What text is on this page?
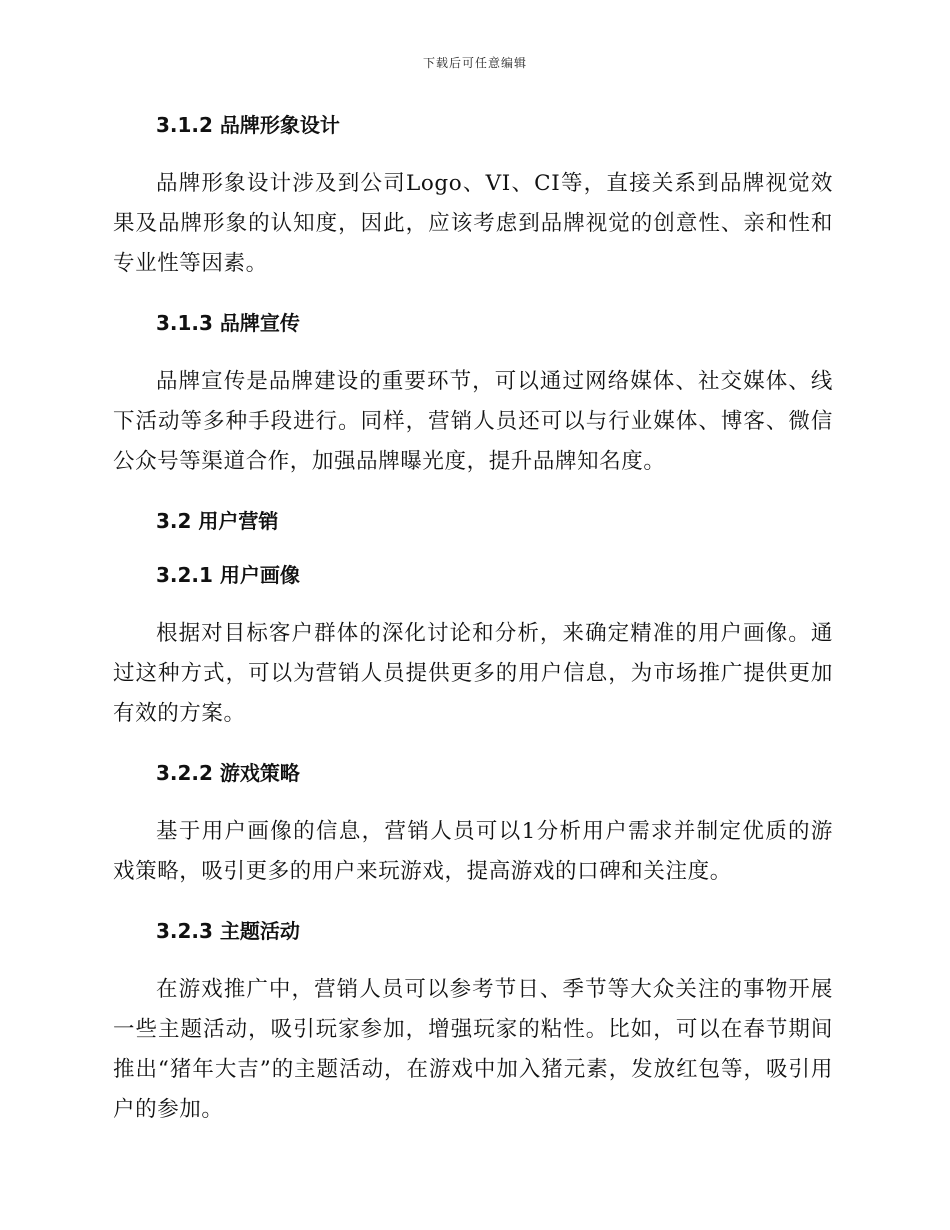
下载后可任意编辑
3.1.2 品牌形象设计

品牌形象设计涉及到公司Logo、VI、CI等，直接关系到品牌视觉效果及品牌形象的认知度，因此，应该考虑到品牌视觉的创意性、亲和性和专业性等因素。

3.1.3 品牌宣传

品牌宣传是品牌建设的重要环节，可以通过网络媒体、社交媒体、线下活动等多种手段进行。同样，营销人员还可以与行业媒体、博客、微信公众号等渠道合作，加强品牌曝光度，提升品牌知名度。

3.2 用户营销
3.2.1 用户画像

根据对目标客户群体的深化讨论和分析，来确定精准的用户画像。通过这种方式，可以为营销人员提供更多的用户信息，为市场推广提供更加有效的方案。

3.2.2 游戏策略

基于用户画像的信息，营销人员可以1分析用户需求并制定优质的游戏策略，吸引更多的用户来玩游戏，提高游戏的口碑和关注度。

3.2.3 主题活动

在游戏推广中，营销人员可以参考节日、季节等大众关注的事物开展一些主题活动，吸引玩家参加，增强玩家的粘性。比如，可以在春节期间推出“猪年大吉”的主题活动，在游戏中加入猪元素，发放红包等，吸引用户的参加。
